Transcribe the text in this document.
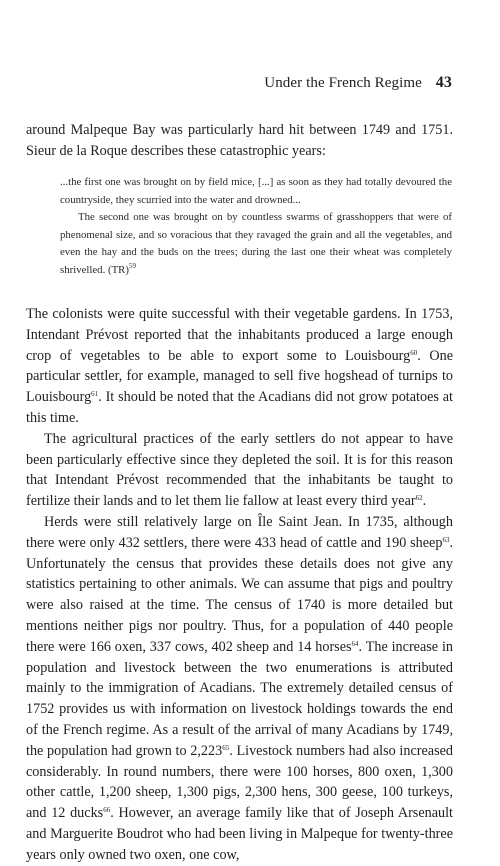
Under the French Regime 43

around Malpeque Bay was particularly hard hit between 1749 and 1751. Sieur de la Roque describes these catastrophic years:

...the first one was brought on by field mice, [...] as soon as they had totally devoured the countryside, they scurried into the water and drowned...

The second one was brought on by countless swarms of grasshoppers that were of phenomenal size, and so voracious that they ravaged the grain and all the vegetables, and even the hay and the buds on the trees; during the last one their wheat was completely shrivelled. (TR)$^{59}$

The colonists were quite successful with their vegetable gardens. In 1753, Intendant Prévost reported that the inhabitants produced a large enough crop of vegetables to be able to export some to Louisbourg$^{60}$. One particular settler, for example, managed to sell five hogshead of turnips to Louisbourg$^{61}$. It should be noted that the Acadians did not grow potatoes at this time.

The agricultural practices of the early settlers do not appear to have been particularly effective since they depleted the soil. It is for this reason that Intendant Prévost recommended that the inhabitants be taught to fertilize their lands and to let them lie fallow at least every third year$^{62}$.

Herds were still relatively large on Île Saint Jean. In 1735, although there were only 432 settlers, there were 433 head of cattle and 190 sheep$^{63}$. Unfortunately the census that provides these details does not give any statistics pertaining to other animals. We can assume that pigs and poultry were also raised at the time. The census of 1740 is more detailed but mentions neither pigs nor poultry. Thus, for a population of 440 people there were 166 oxen, 337 cows, 402 sheep and 14 horses$^{64}$. The increase in population and livestock between the two enumerations is attributed mainly to the immigration of Acadians. The extremely detailed census of 1752 provides us with information on livestock holdings towards the end of the French regime. As a result of the arrival of many Acadians by 1749, the population had grown to 2,223$^{65}$. Livestock numbers had also increased considerably. In round numbers, there were 100 horses, 800 oxen, 1,300 other cattle, 1,200 sheep, 1,300 pigs, 2,300 hens, 300 geese, 100 turkeys, and 12 ducks$^{66}$. However, an average family like that of Joseph Arsenault and Marguerite Boudrot who had been living in Malpeque for twenty-three years only owned two oxen, one cow,
